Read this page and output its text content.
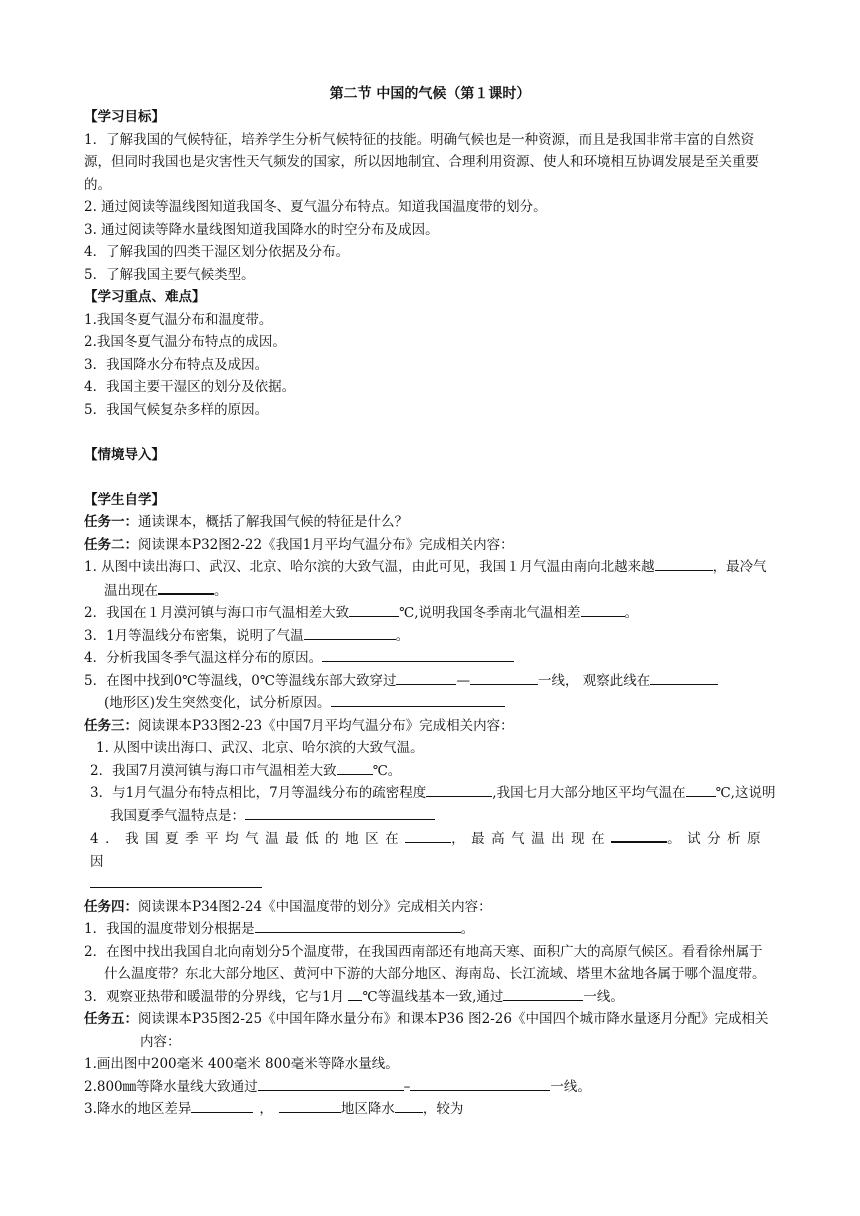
第二节 中国的气候（第１课时）
【学习目标】
1．了解我国的气候特征，培养学生分析气候特征的技能。明确气候也是一种资源，而且是我国非常丰富的自然资源，但同时我国也是灾害性天气频发的国家，所以因地制宜、合理利用资源、使人和环境相互协调发展是至关重要的。
2. 通过阅读等温线图知道我国冬、夏气温分布特点。知道我国温度带的划分。
3. 通过阅读等降水量线图知道我国降水的时空分布及成因。
4．了解我国的四类干湿区划分依据及分布。
5．了解我国主要气候类型。
【学习重点、难点】
1.我国冬夏气温分布和温度带。
2.我国冬夏气温分布特点的成因。
3．我国降水分布特点及成因。
4．我国主要干湿区的划分及依据。
5．我国气候复杂多样的原因。
【情境导入】
【学生自学】
任务一：通读课本，概括了解我国气候的特征是什么？
任务二：阅读课本P32图2-22《我国1月平均气温分布》完成相关内容：
1. 从图中读出海口、武汉、北京、哈尔滨的大致气温，由此可见，我国１月气温由南向北越来越	，最冷气温出现在	。
2．我国在１月漠河镇与海口市气温相差大致	℃,说明我国冬季南北气温相差	。
3．1月等温线分布密集，说明了气温	。
4．分析我国冬季气温这样分布的原因。
5．在图中找到0℃等温线，0℃等温线东部大致穿过	—	一线， 观察此线在
(地形区)发生突然变化，试分析原因。
任务三：阅读课本P33图2-23《中国7月平均气温分布》完成相关内容：
1. 从图中读出海口、武汉、北京、哈尔滨的大致气温。
2．我国7月漠河镇与海口市气温相差大致	℃。
3．与1月气温分布特点相比，7月等温线分布的疏密程度	,我国七月大部分地区平均气温在 ℃,这说明我国夏季气温特点是：
4．我国夏季平均气温最低的地区在	，最高气温出现在	。试分析原因

任务四：阅读课本P34图2-24《中国温度带的划分》完成相关内容：
1．我国的温度带划分根据是	。
2．在图中找出我国自北向南划分5个温度带，在我国西南部还有地高天寒、面积广大的高原气候区。看看徐州属于什么温度带？东北大部分地区、黄河中下游的大部分地区、海南岛、长江流域、塔里木盆地各属于哪个温度带。
3．观察亚热带和暖温带的分界线，它与1月 ℃等温线基本一致,通过	一线。
任务五：阅读课本P35图2-25《中国年降水量分布》和课本P36 图2-26《中国四个城市降水量逐月分配》完成相关内容：
1.画出图中200毫米 400毫米 800毫米等降水量线。
2.800㎜等降水量线大致通过	–	一线。
3.降水的地区差异	，	地区降水 ，较为
